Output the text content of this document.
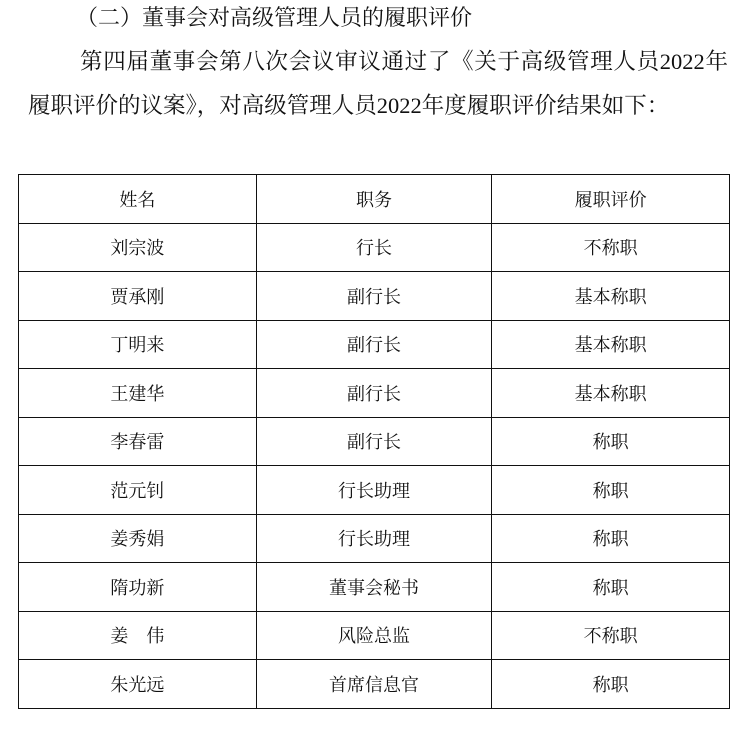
（二）董事会对高级管理人员的履职评价
第四届董事会第八次会议审议通过了《关于高级管理人员2022年履职评价的议案》，对高级管理人员2022年度履职评价结果如下：
姓名	职务	履职评价
刘宗波	行长	不称职
贾承刚	副行长	基本称职
丁明来	副行长	基本称职
王建华	副行长	基本称职
李春雷	副行长	称职
范元钊	行长助理	称职
姜秀娟	行长助理	称职
隋功新	董事会秘书	称职
姜　伟	风险总监	不称职
朱光远	首席信息官	称职
